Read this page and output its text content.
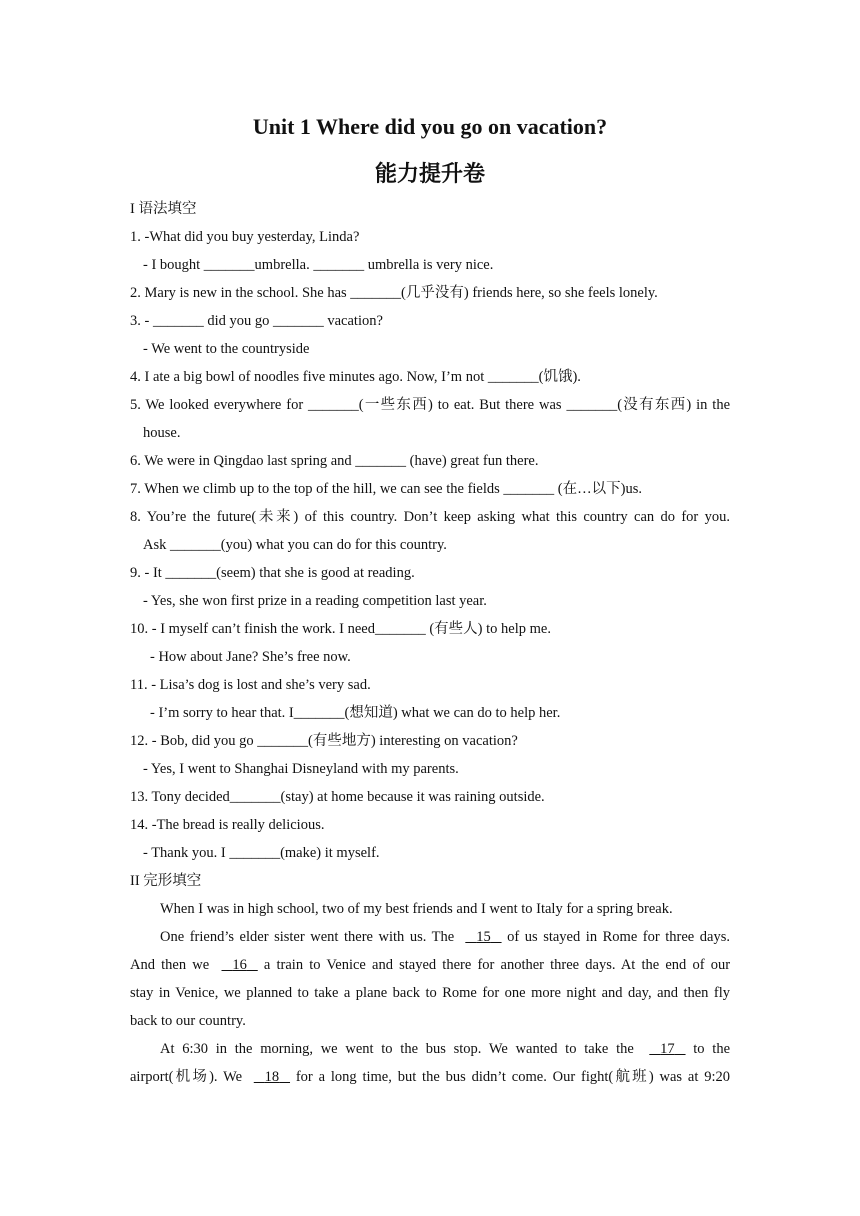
Unit 1 Where did you go on vacation?
能力提升卷
I 语法填空
1. -What did you buy yesterday, Linda?
- I bought _______umbrella. _______ umbrella is very nice.
2. Mary is new in the school. She has _______(几乎没有) friends here, so she feels lonely.
3. - _______ did you go _______ vacation?
- We went to the countryside
4. I ate a big bowl of noodles five minutes ago. Now, I’m not _______(饥饿).
5. We looked everywhere for _______(一些东西) to eat. But there was _______(没有东西) in the
house.
6. We were in Qingdao last spring and _______ (have) great fun there.
7. When we climb up to the top of the hill, we can see the fields _______ (在…以下)us.
8. You’re the future(未来) of this country. Don’t keep asking what this country can do for you.
Ask _______(you) what you can do for this country.
9. - It _______(seem) that she is good at reading.
- Yes, she won first prize in a reading competition last year.
10. - I myself can’t finish the work. I need_______ (有些人) to help me.
- How about Jane? She’s free now.
11. - Lisa’s dog is lost and she’s very sad.
- I’m sorry to hear that. I_______(想知道) what we can do to help her.
12. - Bob, did you go _______(有些地方) interesting on vacation?
- Yes, I went to Shanghai Disneyland with my parents.
13. Tony decided_______(stay) at home because it was raining outside.
14. -The bread is really delicious.
- Thank you. I _______(make) it myself.
II 完形填空
When I was in high school, two of my best friends and I went to Italy for a spring break.
One friend’s elder sister went there with us. The     15    of us stayed in Rome for three days.
And then we     16    a train to Venice and stayed there for another three days. At the end of our
stay in Venice, we planned to take a plane back to Rome for one more night and day, and then fly
back to our country.
At 6:30 in the morning, we went to the bus stop. We wanted to take the     17    to the
airport(机场). We     18    for a long time, but the bus didn’t come. Our fight(航班) was at 9:20
